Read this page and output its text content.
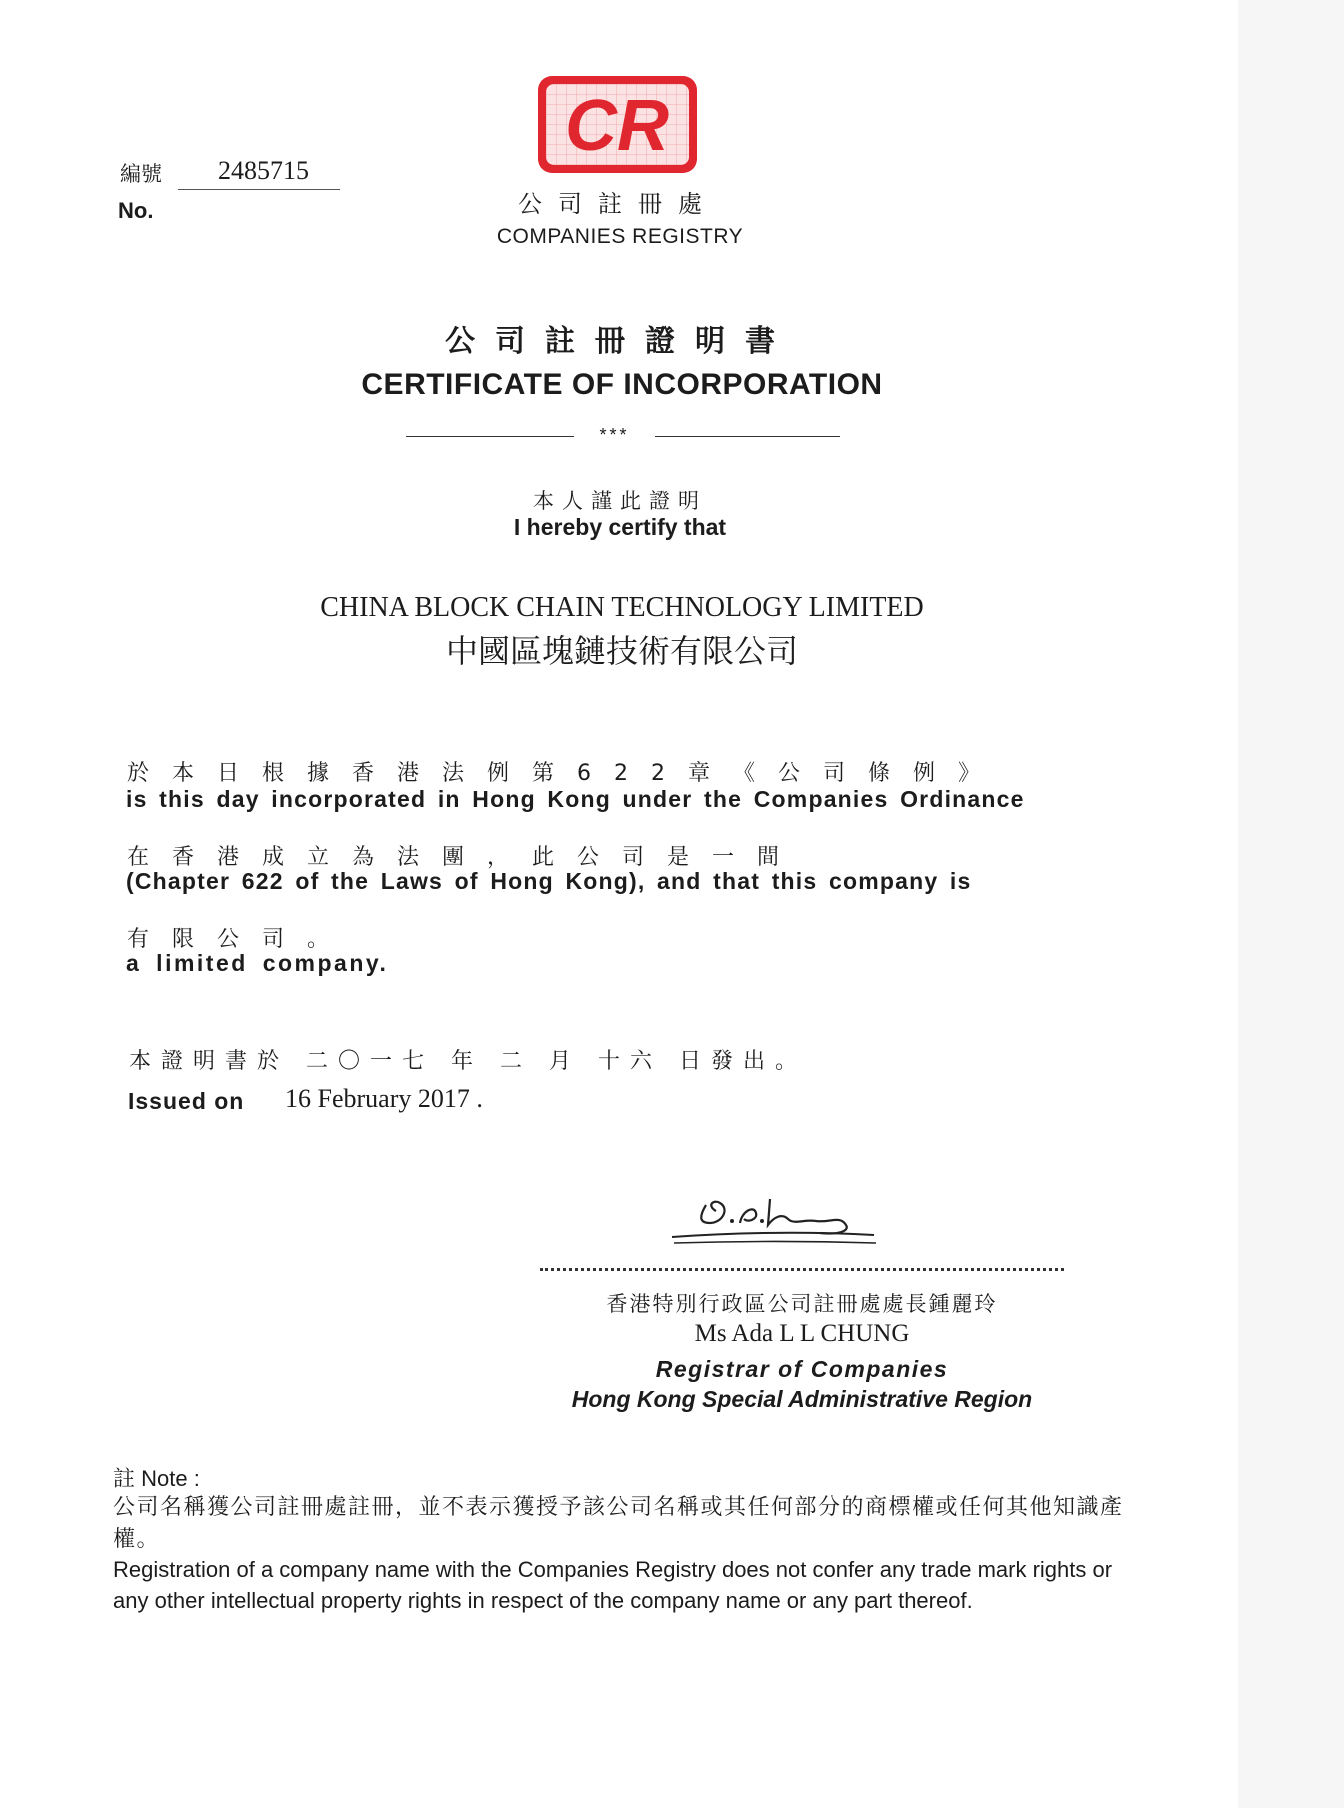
編號
No.
2485715
CR
公司註冊處
COMPANIES REGISTRY
公司註冊證明書
CERTIFICATE OF INCORPORATION
***
本人謹此證明
I hereby certify that
CHINA BLOCK CHAIN TECHNOLOGY LIMITED
中國區塊鏈技術有限公司
於本日根據香港法例第622章《公司條例》
is this day incorporated in Hong Kong under the Companies Ordinance
在香港成立為法團，此公司是一間
(Chapter 622 of the Laws of Hong Kong), and that this company is
有限公司。
a limited company.
本證明書於 二〇一七 年 二 月 十六 日發出。
Issued on 16 February 2017 .
香港特別行政區公司註冊處處長鍾麗玲
Ms Ada L L CHUNG
Registrar of Companies
Hong Kong Special Administrative Region
註 Note :
公司名稱獲公司註冊處註冊，並不表示獲授予該公司名稱或其任何部分的商標權或任何其他知識產權。
Registration of a company name with the Companies Registry does not confer any trade mark rights or any other intellectual property rights in respect of the company name or any part thereof.
